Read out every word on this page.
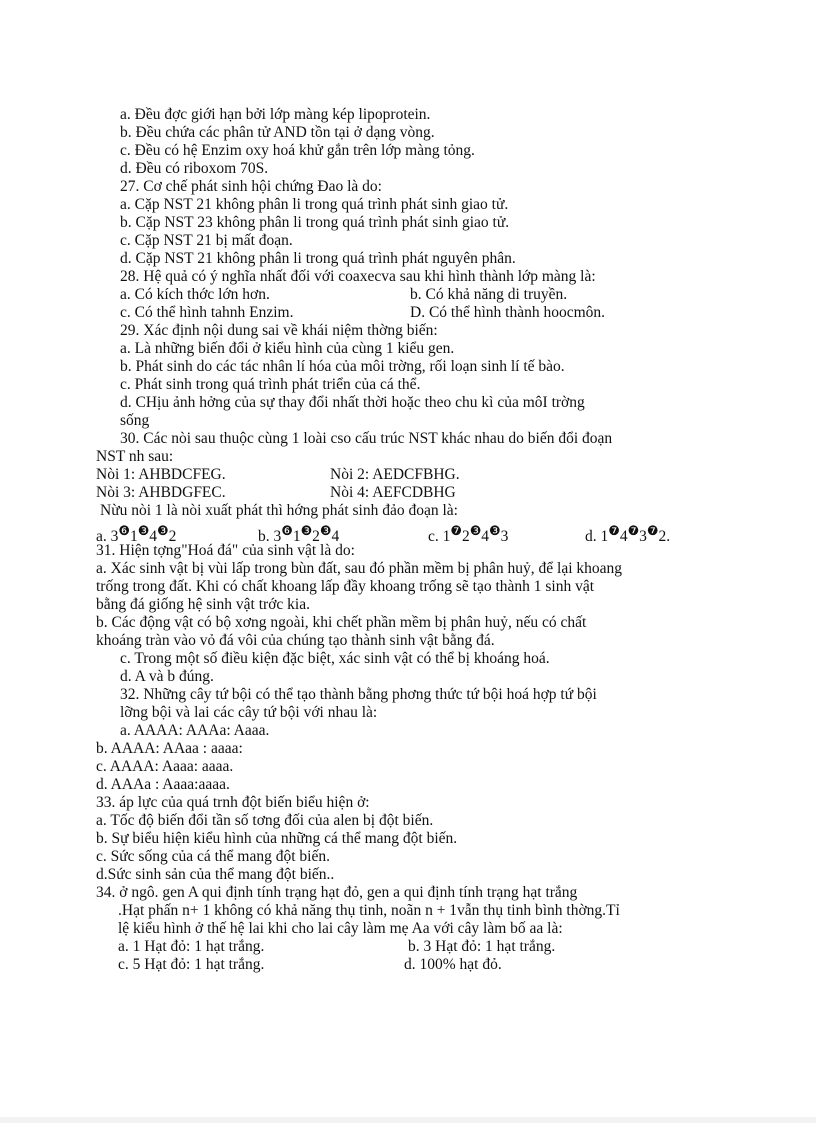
a. Đều đợc giới hạn bởi lớp màng kép lipoprotein.
b. Đều chứa các phân tử AND tồn tại ở dạng vòng.
c. Đều có hệ Enzim oxy hoá khử gắn trên lớp màng tỏng.
d. Đều có riboxom 70S.
27. Cơ chế phát sinh hội chứng Đao là do:
a. Cặp NST 21 không phân li trong quá trình phát sinh giao tử.
b. Cặp NST 23 không phân li trong quá trình phát sinh giao tử.
c. Cặp NST 21 bị mất đoạn.
d. Cặp NST 21 không phân li trong quá trình phát nguyên phân.
28. Hệ quả có ý nghĩa nhất đối với coaxecva sau khi hình thành lớp màng là:
a. Có kích thớc lớn hơn.	b. Có khả năng di truyền.
c. Có thể hình tahnh Enzim.	D. Có thể hình thành hoocmôn.
29. Xác định nội dung sai về khái niệm thờng biến:
a. Là những biến đổi ở kiểu hình của cùng 1 kiểu gen.
b. Phát sinh do các tác nhân lí hóa của môi trờng, rối loạn sinh lí tế bào.
c. Phát sinh trong quá trình phát triển của cá thể.
d. CHịu ảnh hởng của sự thay đổi nhất thời hoặc theo chu kì của môI trờng
sống
30. Các nòi sau thuộc cùng 1 loài cso cấu trúc NST khác nhau do biến đổi đoạn
NST nh sau:
Nòi 1: AHBDCFEG.	Nòi 2: AEDCFBHG.
Nòi 3: AHBDGFEC.	Nòi 4: AEFCDBHG
Nừu nòi 1 là nòi xuất phát thì hớng phát sinh đảo đoạn là:
a. $3^❻1^❸4^❸2$	b. $3^❻1^❸2^❸4$	c. $1^❼2^❸4^❸3$	d. $1^❼4^❼3^❼2$.
31. Hiện tợng"Hoá đá" của sinh vật là do:
a. Xác sinh vật bị vùi lấp trong bùn đất, sau đó phần mềm bị phân huỷ, để lại khoang
trống trong đất. Khi có chất khoang lấp đầy khoang trống sẽ tạo thành 1 sinh vật
bằng đá giống hệ sinh vật trớc kia.
b. Các động vật có bộ xơng ngoài, khi chết phần mềm bị phân huỷ, nếu có chất
khoáng tràn vào vỏ đá vôi của chúng tạo thành sinh vật bằng đá.
c. Trong một số điều kiện đặc biệt, xác sinh vật có thể bị khoáng hoá.
d. A và b đúng.
32. Những cây tứ bội có thể tạo thành bằng phơng thức tứ bội hoá hợp tứ bội
lỡng bội và lai các cây tứ bội với nhau là:
a. AAAA: AAAa: Aaaa.
b. AAAA: AAaa : aaaa:
c. AAAA: Aaaa: aaaa.
d. AAAa : Aaaa:aaaa.
33. áp lực của quá trnh đột biến biểu hiện ở:
a. Tốc độ biến đổi tần số tơng đối của alen bị đột biến.
b. Sự biểu hiện kiểu hình của những cá thể mang đột biến.
c. Sức sống của cá thể mang đột biến.
d.Sức sinh sản của thể mang đột biến..
34. ở ngô. gen A qui định tính trạng hạt đỏ, gen a qui định tính trạng hạt trắng
.Hạt phấn n+ 1 không có khả năng thụ tinh, noãn n + 1vẫn thụ tinh bình thờng.Tỉ
lệ kiểu hình ở thế hệ lai khi cho lai cây làm mẹ Aa với cây làm bố aa là:
a. 1 Hạt đỏ: 1 hạt trắng.	b. 3 Hạt đỏ: 1 hạt trắng.
c. 5 Hạt đỏ: 1 hạt trắng.	d. 100% hạt đỏ.
